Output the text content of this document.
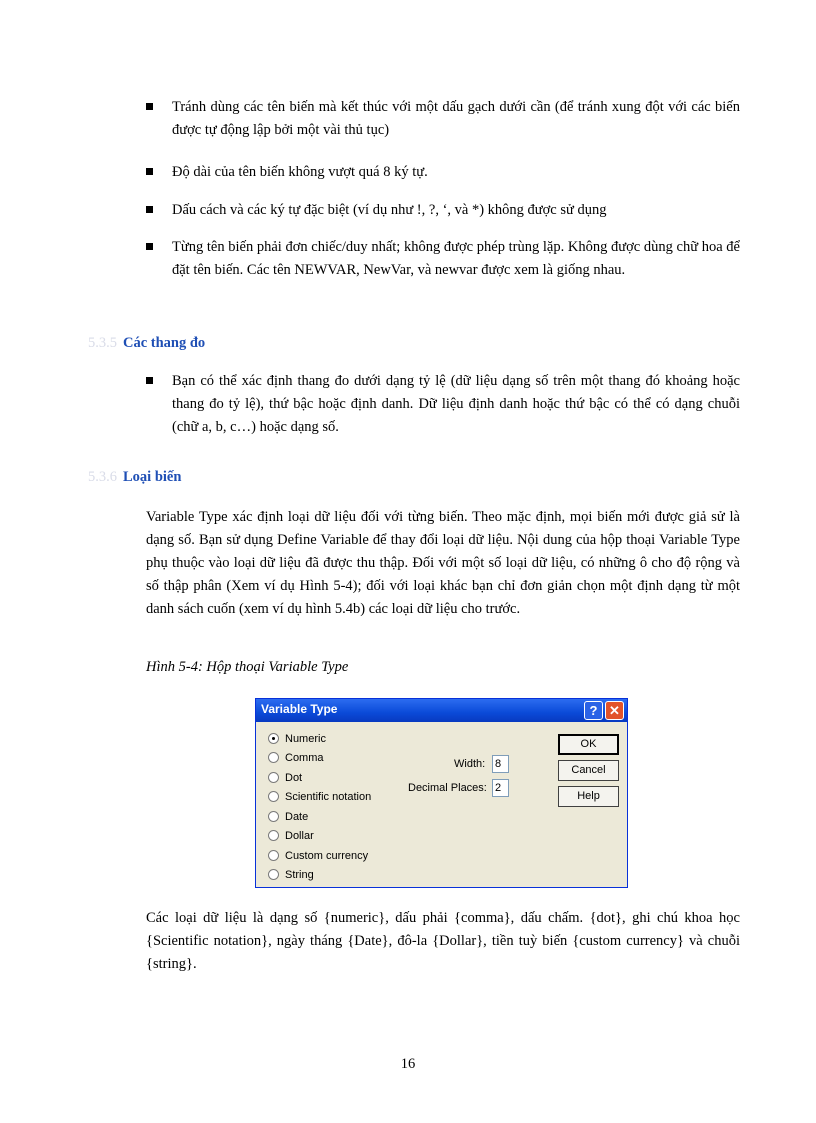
Tránh dùng các tên biến mà kết thúc với một dấu gạch dưới cần (để tránh xung đột với các biến được tự động lập bởi một vài thủ tục)
Độ dài của tên biến không vượt quá 8 ký tự.
Dấu cách và các ký tự đặc biệt (ví dụ như !, ?, ‘, và *) không được sử dụng
Từng tên biến phải đơn chiếc/duy nhất; không được phép trùng lặp. Không được dùng chữ hoa để đặt tên biến. Các tên NEWVAR, NewVar, và newvar được xem là giống nhau.
5.3.5 Các thang đo
Bạn có thể xác định thang đo dưới dạng tỷ lệ (dữ liệu dạng số trên một thang đó khoảng hoặc thang đo tỷ lệ), thứ bậc hoặc định danh. Dữ liệu định danh hoặc thứ bậc có thể có dạng chuỗi (chữ a, b, c…) hoặc dạng số.
5.3.6 Loại biến
Variable Type xác định loại dữ liệu đối với từng biến. Theo mặc định, mọi biến mới được giả sử là dạng số. Bạn sử dụng Define Variable để thay đổi loại dữ liệu. Nội dung của hộp thoại Variable Type phụ thuộc vào loại dữ liệu đã được thu thập. Đối với một số loại dữ liệu, có những ô cho độ rộng và số thập phân (Xem ví dụ Hình 5-4); đối với loại khác bạn chỉ đơn giản chọn một định dạng từ một danh sách cuốn (xem ví dụ hình 5.4b) các loại dữ liệu cho trước.
Hình 5-4: Hộp thoại Variable Type
Variable Type	? ✕
Numeric
Comma
Dot
Scientific notation
Date
Dollar
Custom currency
String
Width: 8
Decimal Places: 2
OK
Cancel
Help
Các loại dữ liệu là dạng số {numeric}, dấu phải {comma}, dấu chấm. {dot}, ghi chú khoa học {Scientific notation}, ngày tháng {Date}, đô-la {Dollar}, tiền tuỳ biến {custom currency} và chuỗi {string}.
16
